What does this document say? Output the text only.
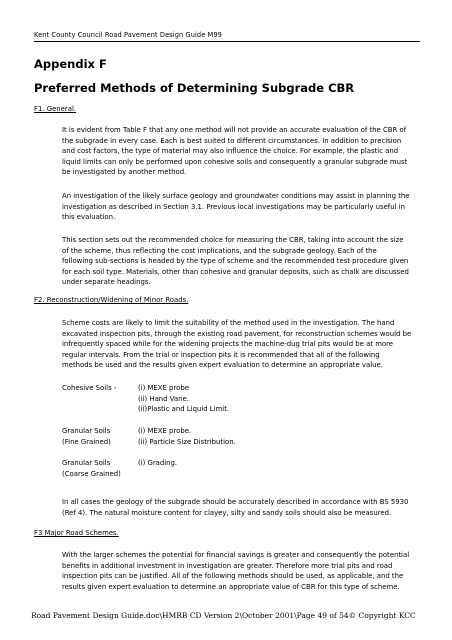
Kent County Council Road Pavement Design Guide M99
Appendix F
Preferred Methods of Determining Subgrade CBR
F1. General.
It is evident from Table F that any one method will not provide an accurate evaluation of the CBR of
the subgrade in every case. Each is best suited to different circumstances. In addition to precision
and cost factors, the type of material may also influence the choice. For example, the plastic and
liquid limits can only be performed upon cohesive soils and consequently a granular subgrade must
be investigated by another method.
An investigation of the likely surface geology and groundwater conditions may assist in planning the
investigation as described in Section 3.1. Previous local investigations may be particularly useful in
this evaluation.
This section sets out the recommended choice for measuring the CBR, taking into account the size
of the scheme, thus reflecting the cost implications, and the subgrade geology. Each of the
following sub-sections is headed by the type of scheme and the recommended test procedure given
for each soil type. Materials, other than cohesive and granular deposits, such as chalk are discussed
under separate headings.
F2. Reconstruction/Widening of Minor Roads.
Scheme costs are likely to limit the suitability of the method used in the investigation. The hand
excavated inspection pits, through the existing road pavement, for reconstruction schemes would be
infrequently spaced while for the widening projects the machine-dug trial pits would be at more
regular intervals. From the trial or inspection pits it is recommended that all of the following
methods be used and the results given expert evaluation to determine an appropriate value.
Cohesive Soils -	(i) MEXE probe
(ii) Hand Vane.
(ii)Plastic and Liquid Limit.
Granular Soils
(Fine Grained)
(i) MEXE probe.
(ii) Particle Size Distribution.
Granular Soils
(Coarse Grained)
(i) Grading.
In all cases the geology of the subgrade should be accurately described in accordance with BS 5930
(Ref 4). The natural moisture content for clayey, silty and sandy soils should also be measured.
F3 Major Road Schemes.
With the larger schemes the potential for financial savings is greater and consequently the potential
benefits in additional investment in investigation are greater. Therefore more trial pits and road
inspection pits can be justified. All of the following methods should be used, as applicable, and the
results given expert evaluation to determine an appropriate value of CBR for this type of scheme.
Road Pavement Design Guide.doc\HMRB CD Version 2\October 2001\Page 49 of 54© Copyright KCC
